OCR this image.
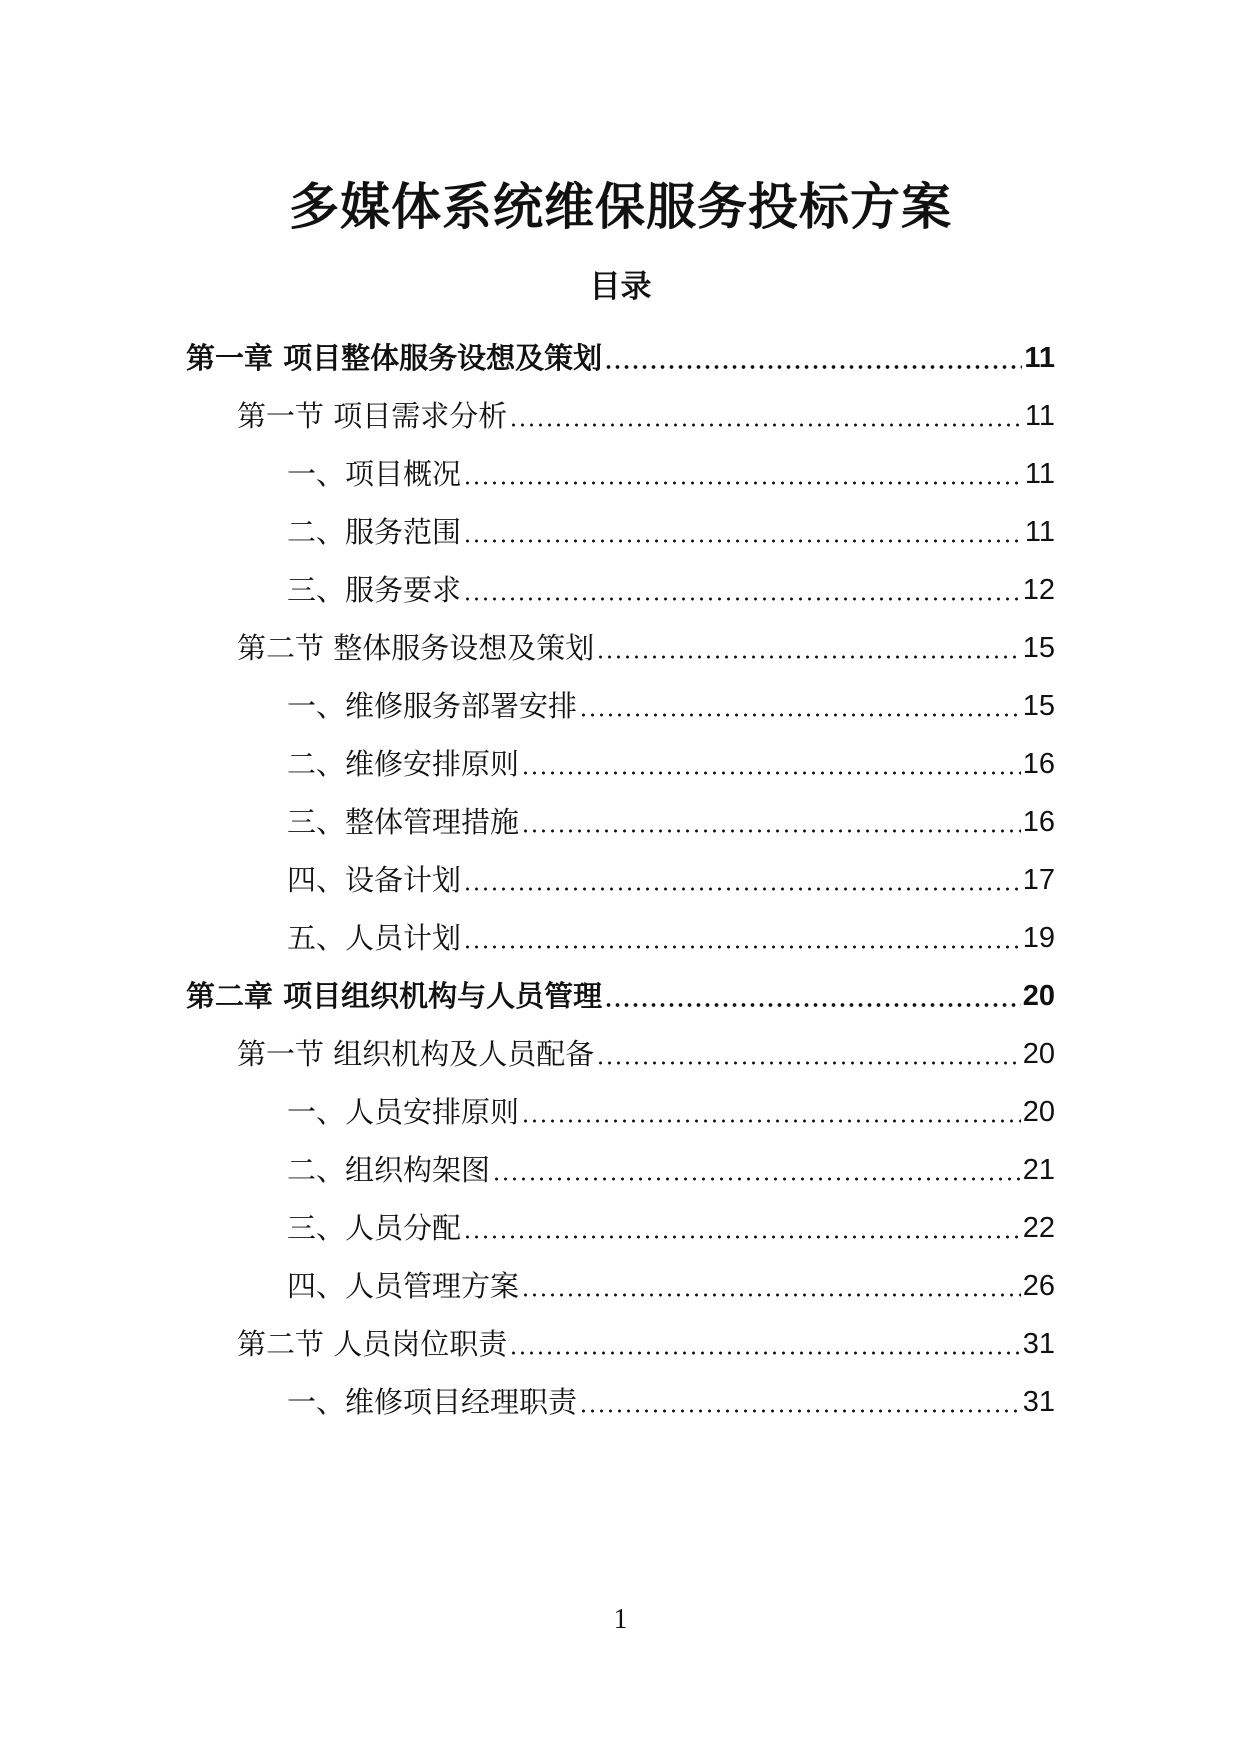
多媒体系统维保服务投标方案
目录
第一章 项目整体服务设想及策划	11
第一节 项目需求分析	11
一、项目概况	11
二、服务范围	11
三、服务要求	12
第二节 整体服务设想及策划	15
一、维修服务部署安排	15
二、维修安排原则	16
三、整体管理措施	16
四、设备计划	17
五、人员计划	19
第二章 项目组织机构与人员管理	20
第一节 组织机构及人员配备	20
一、人员安排原则	20
二、组织构架图	21
三、人员分配	22
四、人员管理方案	26
第二节 人员岗位职责	31
一、维修项目经理职责	31
1
